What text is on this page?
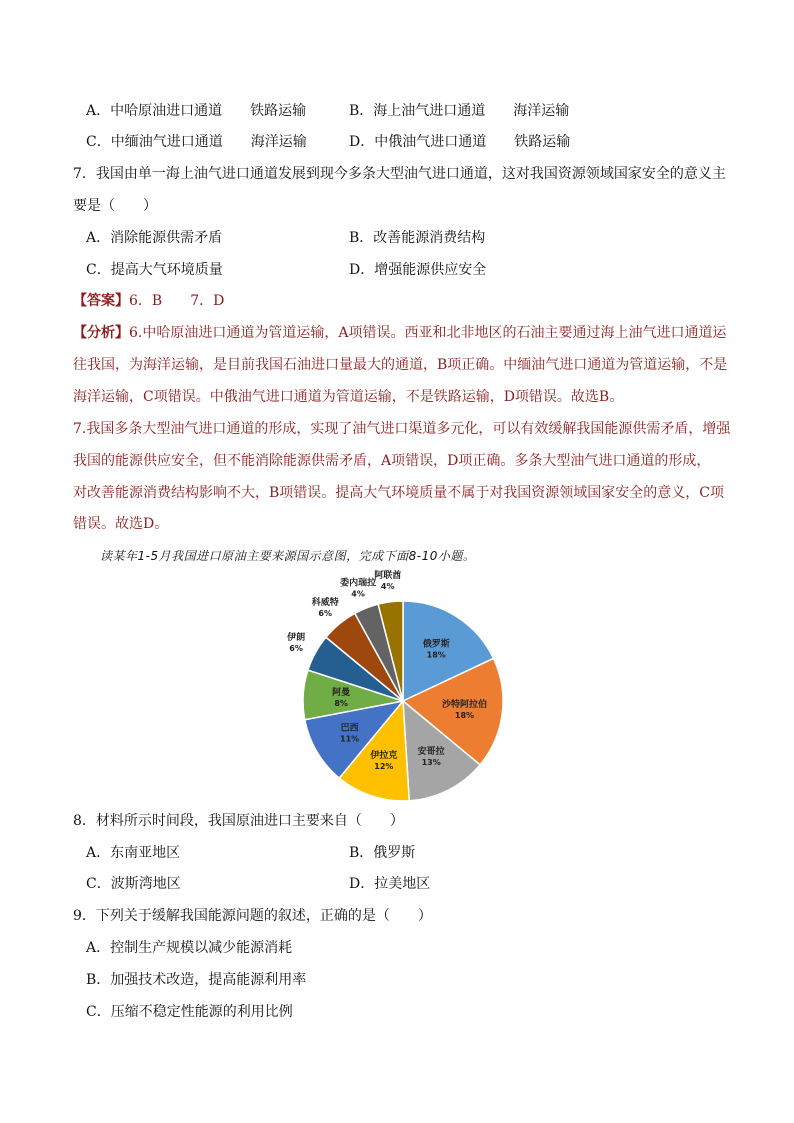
A．中哈原油进口通道　　铁路运输	B．海上油气进口通道　　海洋运输
C．中缅油气进口通道　　海洋运输	D．中俄油气进口通道　　铁路运输
7．我国由单一海上油气进口通道发展到现今多条大型油气进口通道，这对我国资源领域国家安全的意义主
要是（　　）
A．消除能源供需矛盾	B．改善能源消费结构
C．提高大气环境质量	D．增强能源供应安全
【答案】6．B　　7．D
【分析】6.中哈原油进口通道为管道运输，A项错误。西亚和北非地区的石油主要通过海上油气进口通道运
往我国，为海洋运输，是目前我国石油进口量最大的通道，B项正确。中缅油气进口通道为管道运输，不是
海洋运输，C项错误。中俄油气进口通道为管道运输，不是铁路运输，D项错误。故选B。
7.我国多条大型油气进口通道的形成，实现了油气进口渠道多元化，可以有效缓解我国能源供需矛盾，增强
我国的能源供应安全，但不能消除能源供需矛盾，A项错误，D项正确。多条大型油气进口通道的形成，
对改善能源消费结构影响不大，B项错误。提高大气环境质量不属于对我国资源领域国家安全的意义，C项
错误。故选D。
读某年1-5月我国进口原油主要来源国示意图，完成下面8-10小题。
俄罗斯
18%
沙特阿拉伯
18%
安哥拉
13%
伊拉克
12%
巴西
11%
阿曼
8%
伊朗
6%
科威特
6%
委内瑞拉
4%
阿联酋
4%
8．材料所示时间段，我国原油进口主要来自（　　）
A．东南亚地区	B．俄罗斯
C．波斯湾地区	D．拉美地区
9．下列关于缓解我国能源问题的叙述，正确的是（　　）
A．控制生产规模以减少能源消耗
B．加强技术改造，提高能源利用率
C．压缩不稳定性能源的利用比例
